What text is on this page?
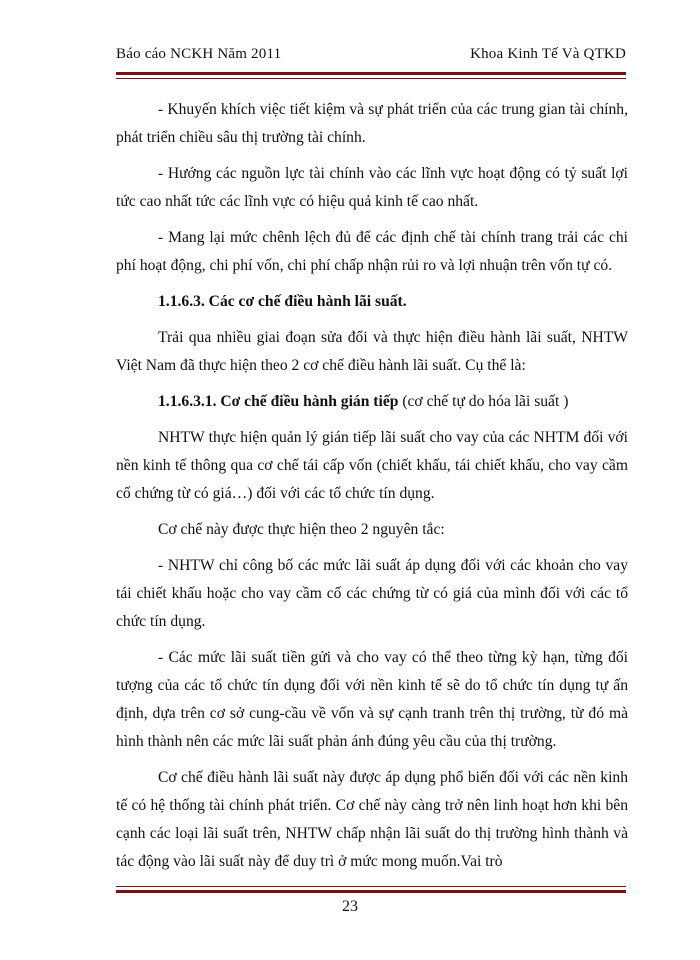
Báo cáo NCKH Năm 2011	Khoa Kinh Tế Và QTKD

- Khuyến khích việc tiết kiệm và sự phát triển của các trung gian tài chính, phát triển chiều sâu thị trường tài chính.

- Hướng các nguồn lực tài chính vào các lĩnh vực hoạt động có tỷ suất lợi tức cao nhất tức các lĩnh vực có hiệu quả kinh tế cao nhất.

- Mang lại mức chênh lệch đủ để các định chế tài chính trang trải các chi phí hoạt động, chi phí vốn, chi phí chấp nhận rủi ro và lợi nhuận trên vốn tự có.

1.1.6.3. Các cơ chế điều hành lãi suất.

Trải qua nhiều giai đoạn sửa đổi và thực hiện điều hành lãi suất, NHTW Việt Nam đã thực hiện theo 2 cơ chế điều hành lãi suất. Cụ thể là:

1.1.6.3.1. Cơ chế điều hành gián tiếp (cơ chế tự do hóa lãi suất )

NHTW thực hiện quản lý gián tiếp lãi suất cho vay của các NHTM đối với nền kinh tế thông qua cơ chế tái cấp vốn (chiết khấu, tái chiết khấu, cho vay cầm cố chứng từ có giá…) đối với các tổ chức tín dụng.

Cơ chế này được thực hiện theo 2 nguyên tắc:

- NHTW chỉ công bố các mức lãi suất áp dụng đối với các khoản cho vay tái chiết khấu hoặc cho vay cầm cố các chứng từ có giá của mình đối với các tổ chức tín dụng.

- Các mức lãi suất tiền gửi và cho vay có thể theo từng kỳ hạn, từng đối tượng của các tổ chức tín dụng đối với nền kinh tế sẽ do tổ chức tín dụng tự ấn định, dựa trên cơ sở cung-cầu về vốn và sự cạnh tranh trên thị trường, từ đó mà hình thành nên các mức lãi suất phản ánh đúng yêu cầu của thị trường.

Cơ chế điều hành lãi suất này được áp dụng phổ biến đối với các nền kinh tế có hệ thống tài chính phát triển. Cơ chế này càng trở nên linh hoạt hơn khi bên cạnh các loại lãi suất trên, NHTW chấp nhận lãi suất do thị trường hình thành và tác động vào lãi suất này để duy trì ở mức mong muốn.Vai trò

23
